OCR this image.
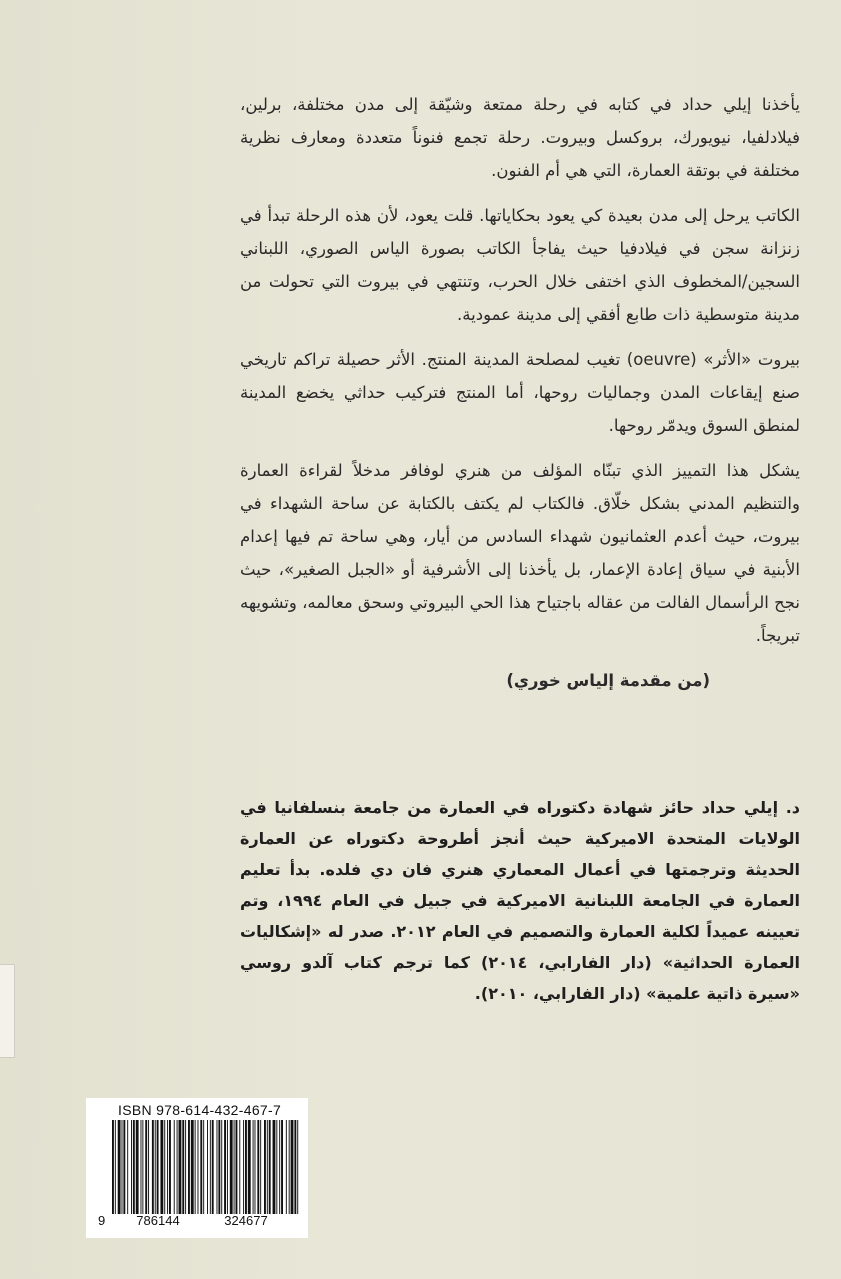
يأخذنا إيلي حداد في كتابه في رحلة ممتعة وشيّقة إلى مدن مختلفة، برلين، فيلادلفيا، نيويورك، بروكسل وبيروت. رحلة تجمع فنوناً متعددة ومعارف نظرية مختلفة في بوتقة العمارة، التي هي أم الفنون.

الكاتب يرحل إلى مدن بعيدة كي يعود بحكاياتها. قلت يعود، لأن هذه الرحلة تبدأ في زنزانة سجن في فيلادفيا حيث يفاجأ الكاتب بصورة الياس الصوري، اللبناني السجين/المخطوف الذي اختفى خلال الحرب، وتنتهي في بيروت التي تحولت من مدينة متوسطية ذات طابع أفقي إلى مدينة عمودية.

بيروت «الأثر» (oeuvre) تغيب لمصلحة المدينة المنتج. الأثر حصيلة تراكم تاريخي صنع إيقاعات المدن وجماليات روحها، أما المنتج فتركيب حداثي يخضع المدينة لمنطق السوق ويدمّر روحها.

يشكل هذا التمييز الذي تبنّاه المؤلف من هنري لوفافر مدخلاً لقراءة العمارة والتنظيم المدني بشكل خلّاق. فالكتاب لم يكتف بالكتابة عن ساحة الشهداء في بيروت، حيث أعدم العثمانيون شهداء السادس من أيار، وهي ساحة تم فيها إعدام الأبنية في سياق إعادة الإعمار، بل يأخذنا إلى الأشرفية أو «الجبل الصغير»، حيث نجح الرأسمال الفالت من عقاله باجتياح هذا الحي البيروتي وسحق معالمه، وتشويهه تبريجاً.

(من مقدمة إلياس خوري)

د. إيلي حداد حائز شهادة دكتوراه في العمارة من جامعة بنسلفانيا في الولايات المتحدة الاميركية حيث أنجز أطروحة دكتوراه عن العمارة الحديثة وترجمتها في أعمال المعماري هنري فان دي فلده. بدأ تعليم العمارة في الجامعة اللبنانية الاميركية في جبيل في العام ١٩٩٤، وتم تعيينه عميداً لكلية العمارة والتصميم في العام ٢٠١٢. صدر له «إشكاليات العمارة الحداثية» (دار الفارابي، ٢٠١٤) كما ترجم كتاب آلدو روسي «سيرة ذاتية علمية» (دار الفارابي، ٢٠١٠).

ISBN 978-614-432-467-7

9	786144	324677
